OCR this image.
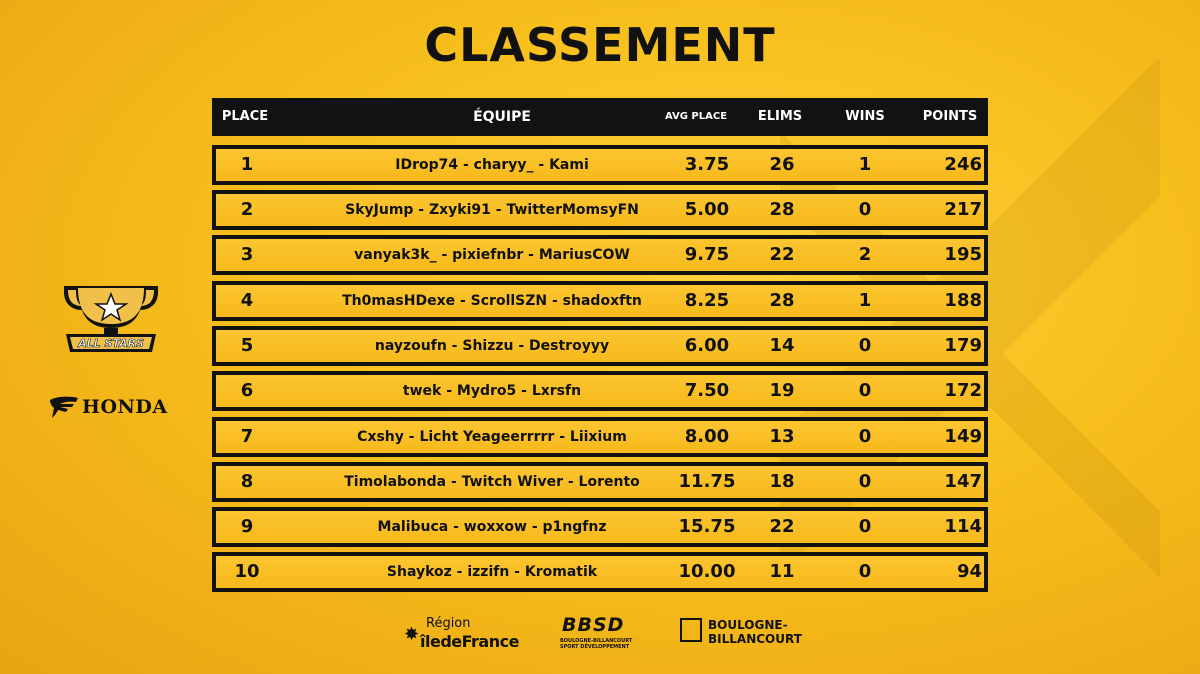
CLASSEMENT
PLACE	ÉQUIPE	AVG PLACE	ELIMS	WINS	POINTS
1	IDrop74 - charyy_ - Kami	3.75	26	1	246
2	SkyJump - Zxyki91 - TwitterMomsyFN	5.00	28	0	217
3	vanyak3k_ - pixiefnbr - MariusCOW	9.75	22	2	195
4	Th0masHDexe - ScrollSZN - shadoxftn	8.25	28	1	188
5	nayzoufn - Shizzu - Destroyyy	6.00	14	0	179
6	twek - Mydro5 - Lxrsfn	7.50	19	0	172
7	Cxshy - Licht Yeageerrrrr - Liixium	8.00	13	0	149
8	Timolabonda - Twitch Wiver - Lorento	11.75	18	0	147
9	Malibuca - woxxow - p1ngfnz	15.75	22	0	114
10	Shaykoz - izzifn - Kromatik	10.00	11	0	94
ALL STARS
HONDA
✸
Région
îledeFrance
BBSD
BOULOGNE-BILLANCOURT SPORT DÉVELOPPEMENT
BOULOGNE-
BILLANCOURT
